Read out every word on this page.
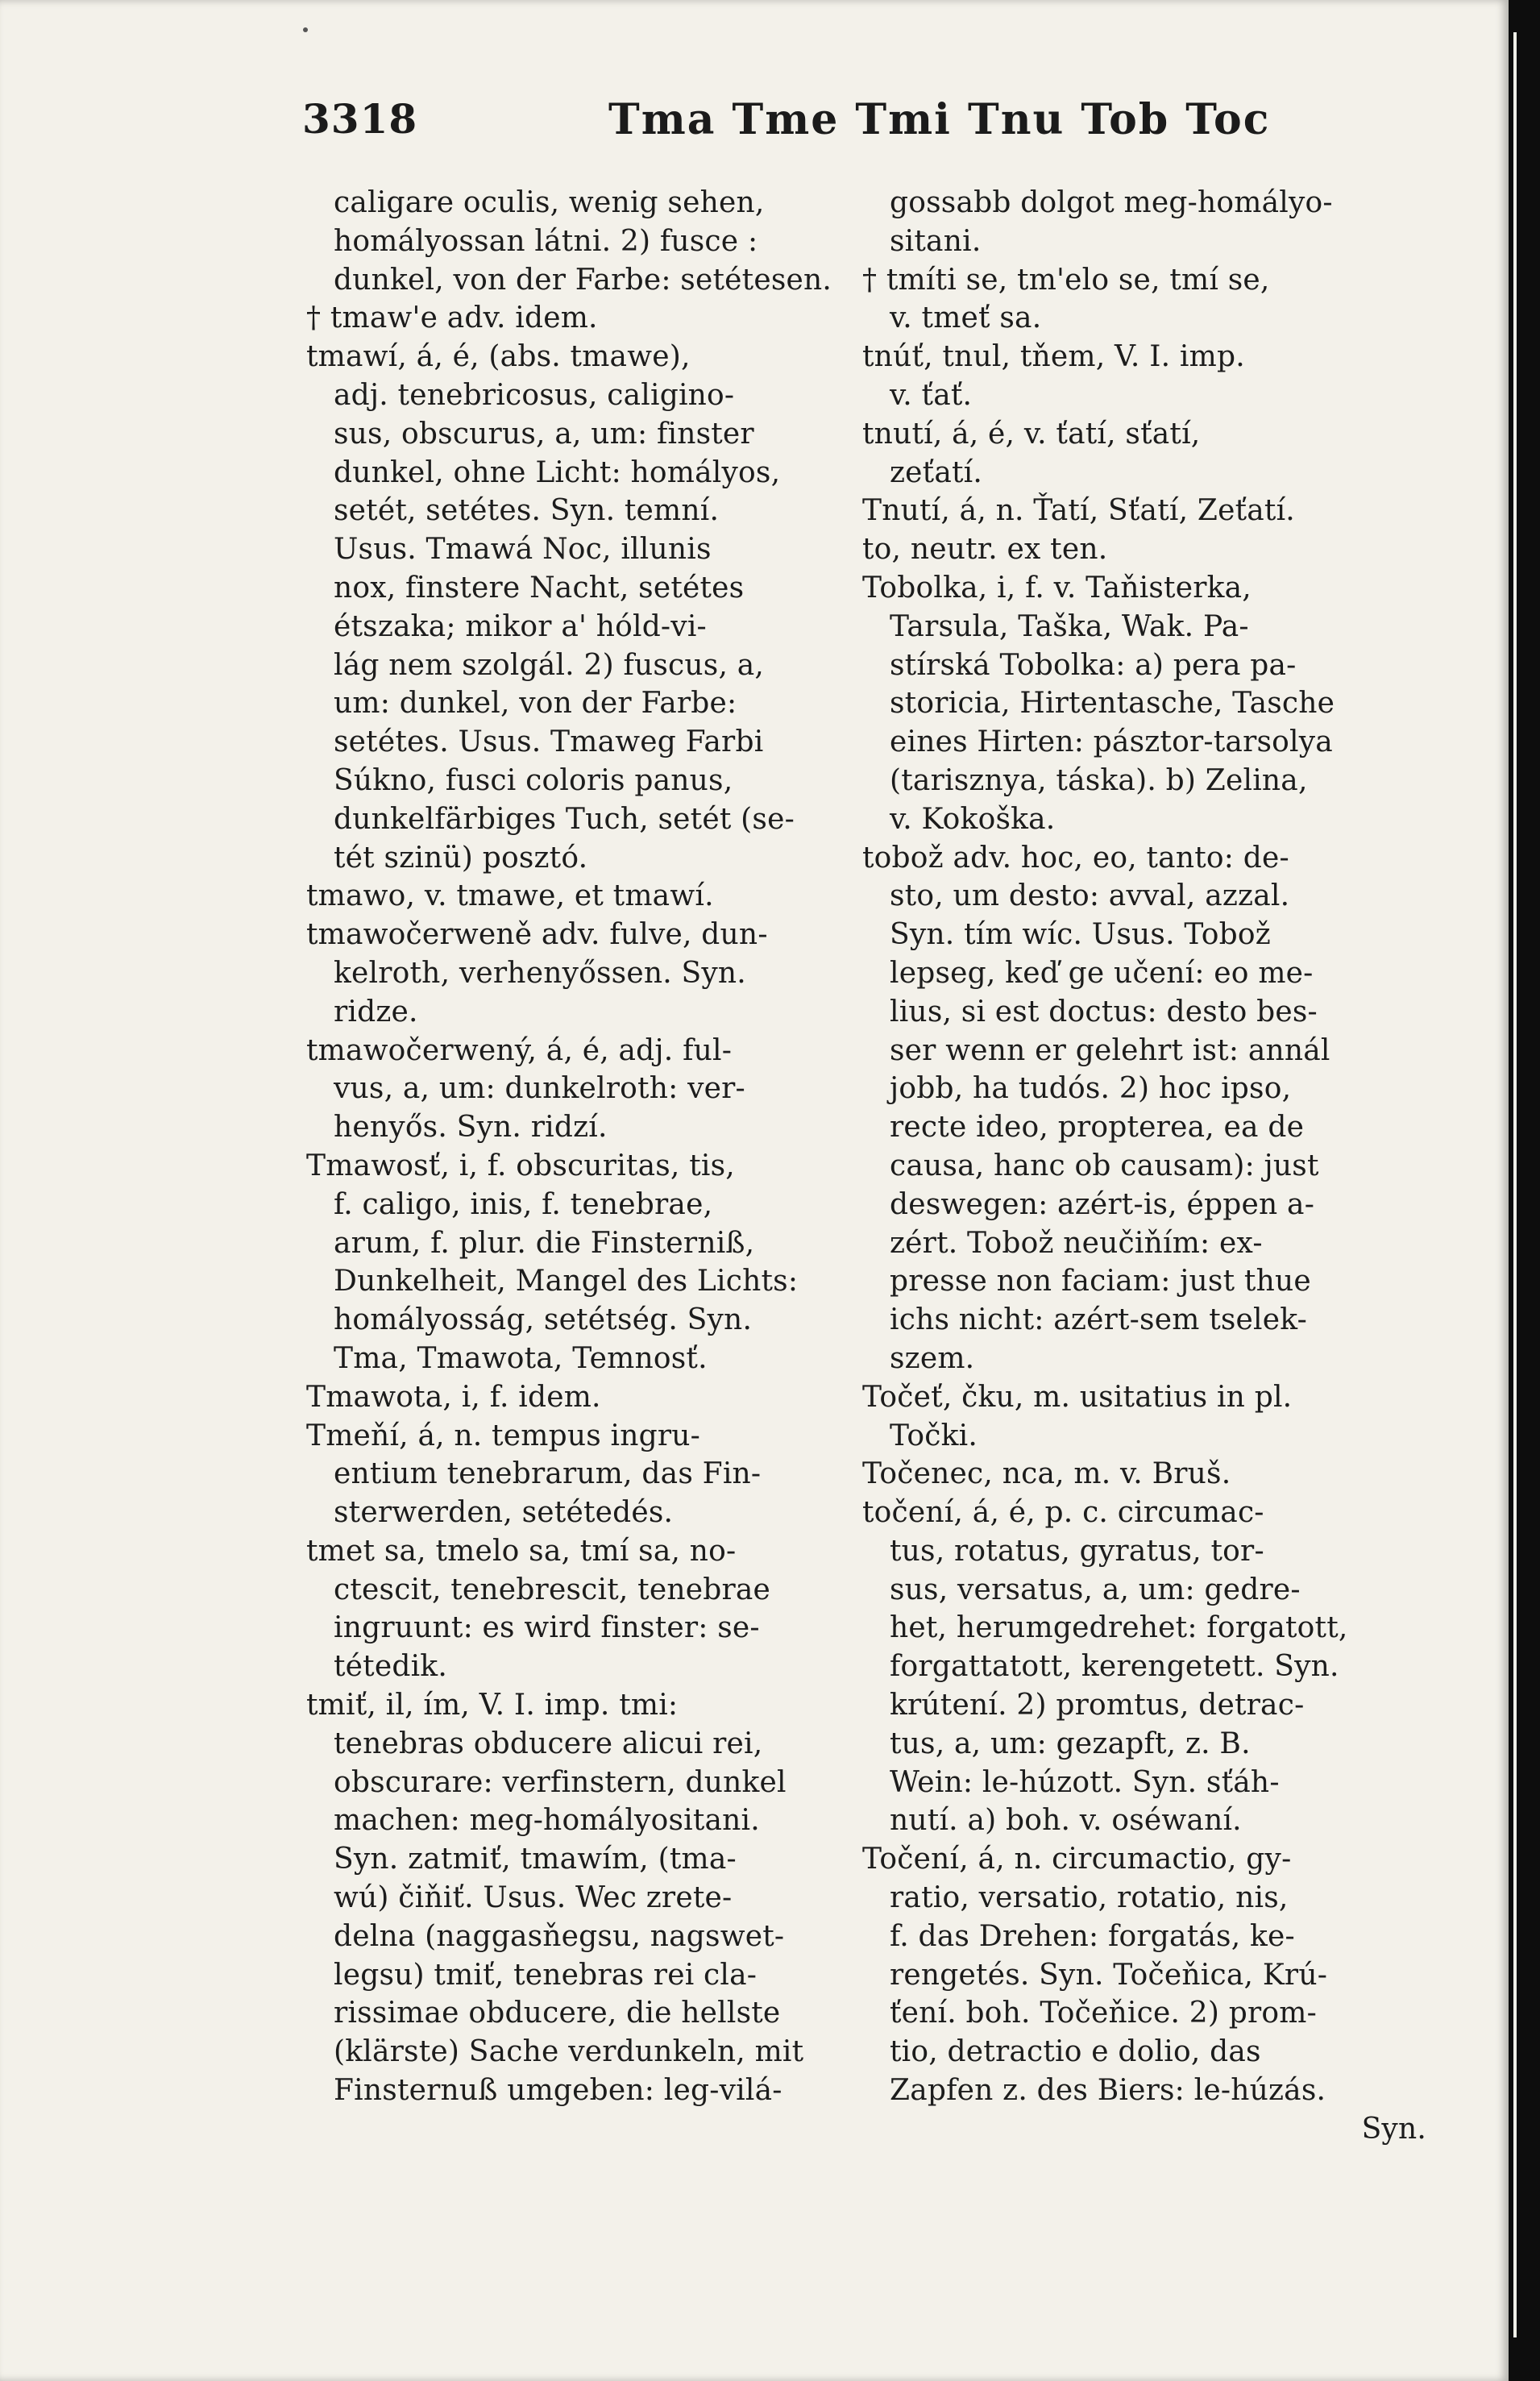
3318	Tma Tme Tmi Tnu Tob Toc
caligare oculis, wenig sehen,
homályossan látni. 2) fusce :
dunkel, von der Farbe: setétesen.
† tmaw'e adv. idem.
tmawí, á, é, (abs. tmawe),
adj. tenebricosus, caligino-
sus, obscurus, a, um: finster
dunkel, ohne Licht: homályos,
setét, setétes. Syn. temní.
Usus. Tmawá Noc, illunis
nox, finstere Nacht, setétes
étszaka; mikor a' hóld-vi-
lág nem szolgál. 2) fuscus, a,
um: dunkel, von der Farbe:
setétes. Usus. Tmaweg Farbi
Súkno, fusci coloris panus,
dunkelfärbiges Tuch, setét (se-
tét szinü) posztó.
tmawo, v. tmawe, et tmawí.
tmawočerweně adv. fulve, dun-
kelroth, verhenyőssen. Syn.
ridze.
tmawočerwený, á, é, adj. ful-
vus, a, um: dunkelroth: ver-
henyős. Syn. ridzí.
Tmawosť, i, f. obscuritas, tis,
f. caligo, inis, f. tenebrae,
arum, f. plur. die Finsterniß,
Dunkelheit, Mangel des Lichts:
homályosság, setétség. Syn.
Tma, Tmawota, Temnosť.
Tmawota, i, f. idem.
Tmeňí, á, n. tempus ingru-
entium tenebrarum, das Fin-
sterwerden, setétedés.
tmet sa, tmelo sa, tmí sa, no-
ctescit, tenebrescit, tenebrae
ingruunt: es wird finster: se-
tétedik.
tmiť, il, ím, V. I. imp. tmi:
tenebras obducere alicui rei,
obscurare: verfinstern, dunkel
machen: meg-homályositani.
Syn. zatmiť, tmawím, (tma-
wú) čiňiť. Usus. Wec zrete-
delna (naggasňegsu, nagswet-
legsu) tmiť, tenebras rei cla-
rissimae obducere, die hellste
(klärste) Sache verdunkeln, mit
Finsternuß umgeben: leg-vilá-
gossabb dolgot meg-homályo-
sitani.
† tmíti se, tm'elo se, tmí se,
v. tmeť sa.
tnúť, tnul, tňem, V. I. imp.
v. ťať.
tnutí, á, é, v. ťatí, sťatí,
zeťatí.
Tnutí, á, n. Ťatí, Sťatí, Zeťatí.
to, neutr. ex ten.
Tobolka, i, f. v. Taňisterka,
Tarsula, Taška, Wak. Pa-
stírská Tobolka: a) pera pa-
storicia, Hirtentasche, Tasche
eines Hirten: pásztor-tarsolya
(tarisznya, táska). b) Zelina,
v. Kokoška.
tobož adv. hoc, eo, tanto: de-
sto, um desto: avval, azzal.
Syn. tím wíc. Usus. Tobož
lepseg, keď ge učení: eo me-
lius, si est doctus: desto bes-
ser wenn er gelehrt ist: annál
jobb, ha tudós. 2) hoc ipso,
recte ideo, propterea, ea de
causa, hanc ob causam): just
deswegen: azért-is, éppen a-
zért. Tobož neučiňím: ex-
presse non faciam: just thue
ichs nicht: azért-sem tselek-
szem.
Točeť, čku, m. usitatius in pl.
Točki.
Točenec, nca, m. v. Bruš.
točení, á, é, p. c. circumac-
tus, rotatus, gyratus, tor-
sus, versatus, a, um: gedre-
het, herumgedrehet: forgatott,
forgattatott, kerengetett. Syn.
krútení. 2) promtus, detrac-
tus, a, um: gezapft, z. B.
Wein: le-húzott. Syn. sťáh-
nutí. a) boh. v. oséwaní.
Točení, á, n. circumactio, gy-
ratio, versatio, rotatio, nis,
f. das Drehen: forgatás, ke-
rengetés. Syn. Točeňica, Krú-
ťení. boh. Točeňice. 2) prom-
tio, detractio e dolio, das
Zapfen z. des Biers: le-húzás.
Syn.
